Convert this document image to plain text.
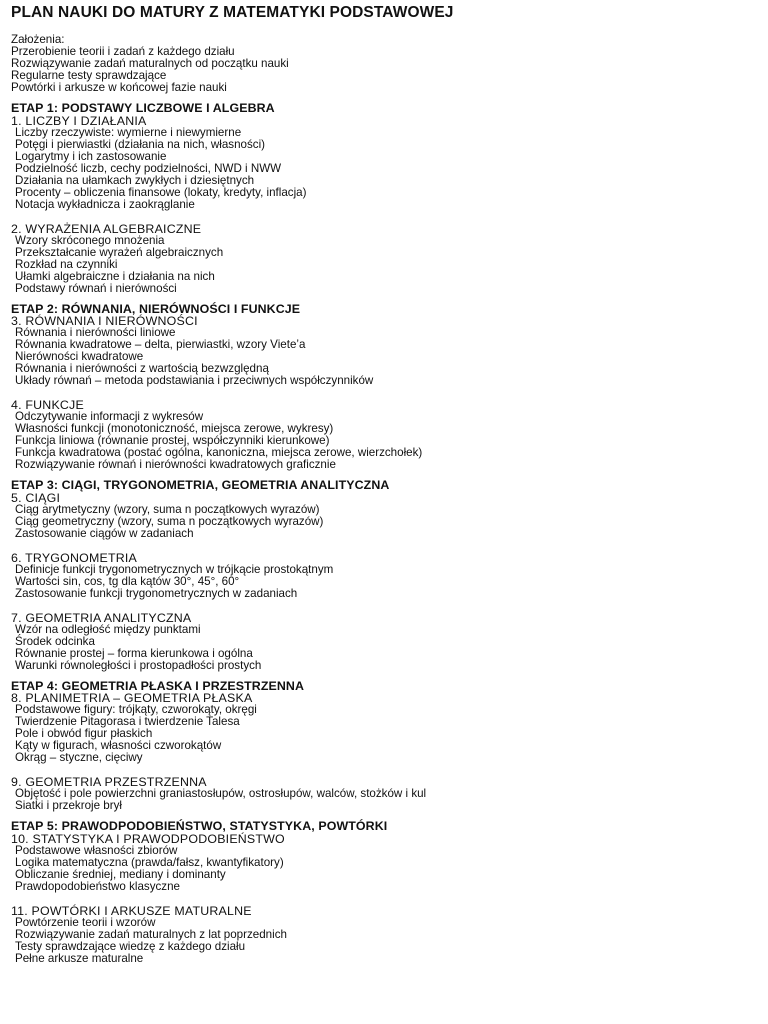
PLAN NAUKI DO MATURY Z MATEMATYKI PODSTAWOWEJ
Założenia:
Przerobienie teorii i zadań z każdego działu
Rozwiązywanie zadań maturalnych od początku nauki
Regularne testy sprawdzające
Powtórki i arkusze w końcowej fazie nauki
ETAP 1: PODSTAWY LICZBOWE I ALGEBRA
1. LICZBY I DZIAŁANIA
Liczby rzeczywiste: wymierne i niewymierne
Potęgi i pierwiastki (działania na nich, własności)
Logarytmy i ich zastosowanie
Podzielność liczb, cechy podzielności, NWD i NWW
Działania na ułamkach zwykłych i dziesiętnych
Procenty – obliczenia finansowe (lokaty, kredyty, inflacja)
Notacja wykładnicza i zaokrąglanie
2. WYRAŻENIA ALGEBRAICZNE
Wzory skróconego mnożenia
Przekształcanie wyrażeń algebraicznych
Rozkład na czynniki
Ułamki algebraiczne i działania na nich
Podstawy równań i nierówności
ETAP 2: RÓWNANIA, NIERÓWNOŚCI I FUNKCJE
3. RÓWNANIA I NIERÓWNOŚCI
Równania i nierówności liniowe
Równania kwadratowe – delta, pierwiastki, wzory Viete’a
Nierówności kwadratowe
Równania i nierówności z wartością bezwzględną
Układy równań – metoda podstawiania i przeciwnych współczynników
4. FUNKCJE
Odczytywanie informacji z wykresów
Własności funkcji (monotoniczność, miejsca zerowe, wykresy)
Funkcja liniowa (równanie prostej, współczynniki kierunkowe)
Funkcja kwadratowa (postać ogólna, kanoniczna, miejsca zerowe, wierzchołek)
Rozwiązywanie równań i nierówności kwadratowych graficznie
ETAP 3: CIĄGI, TRYGONOMETRIA, GEOMETRIA ANALITYCZNA
5. CIĄGI
Ciąg arytmetyczny (wzory, suma n początkowych wyrazów)
Ciąg geometryczny (wzory, suma n początkowych wyrazów)
Zastosowanie ciągów w zadaniach
6. TRYGONOMETRIA
Definicje funkcji trygonometrycznych w trójkącie prostokątnym
Wartości sin, cos, tg dla kątów 30°, 45°, 60°
Zastosowanie funkcji trygonometrycznych w zadaniach
7. GEOMETRIA ANALITYCZNA
Wzór na odległość między punktami
Środek odcinka
Równanie prostej – forma kierunkowa i ogólna
Warunki równoległości i prostopadłości prostych
ETAP 4: GEOMETRIA PŁASKA I PRZESTRZENNA
8. PLANIMETRIA – GEOMETRIA PŁASKA
Podstawowe figury: trójkąty, czworokąty, okręgi
Twierdzenie Pitagorasa i twierdzenie Talesa
Pole i obwód figur płaskich
Kąty w figurach, własności czworokątów
Okrąg – styczne, cięciwy
9. GEOMETRIA PRZESTRZENNA
Objętość i pole powierzchni graniastosłupów, ostrosłupów, walców, stożków i kul
Siatki i przekroje brył
ETAP 5: PRAWODPODOBIEŃSTWO, STATYSTYKA, POWTÓRKI
10. STATYSTYKA I PRAWODPODOBIEŃSTWO
Podstawowe własności zbiorów
Logika matematyczna (prawda/fałsz, kwantyfikatory)
Obliczanie średniej, mediany i dominanty
Prawdopodobieństwo klasyczne
11. POWTÓRKI I ARKUSZE MATURALNE
Powtórzenie teorii i wzorów
Rozwiązywanie zadań maturalnych z lat poprzednich
Testy sprawdzające wiedzę z każdego działu
Pełne arkusze maturalne
